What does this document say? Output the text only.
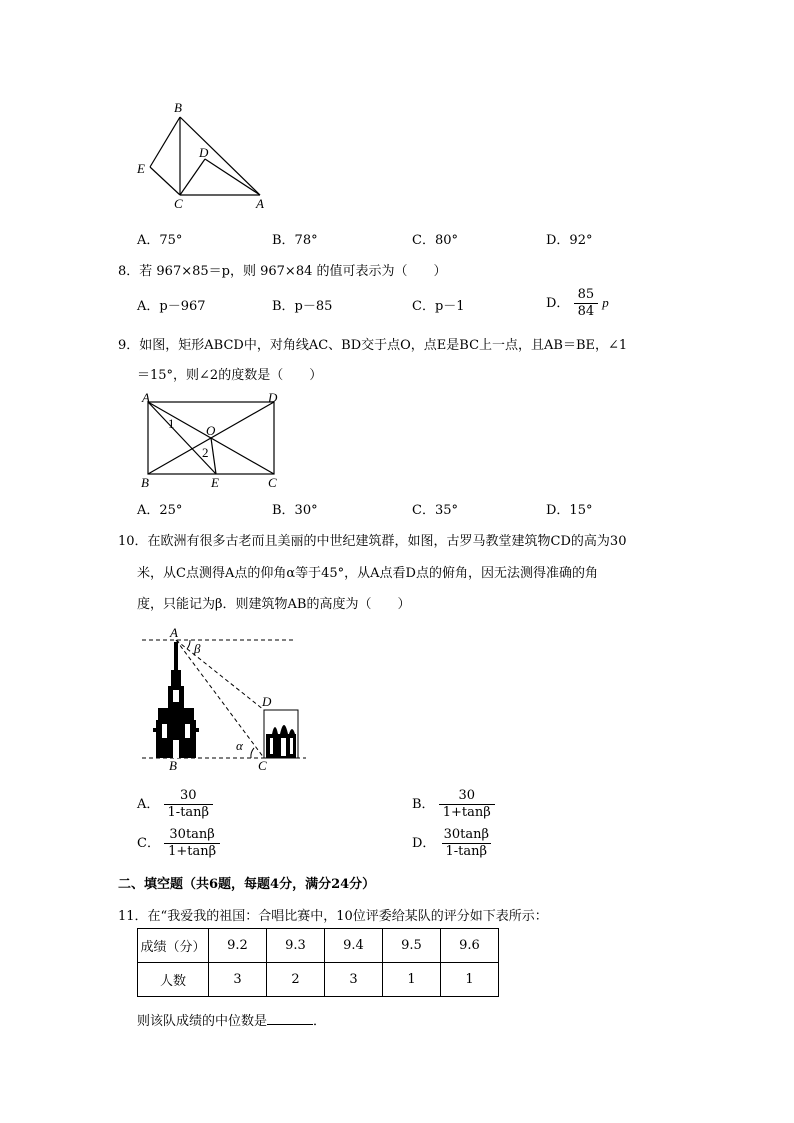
B
E
D
C	A
A．75°	B．78°	C．80°	D．92°
8．若 967×85＝p，则 967×84 的值可表示为（　　）
A．p－967	B．p－85	C．p－1	D． $\frac{85}{84}$ p
9．如图，矩形ABCD中，对角线AC、BD交于点O，点E是BC上一点，且AB＝BE，∠1
＝15°，则∠2的度数是（　　）
A	D
O
1
2
B	E	C
A．25°	B．30°	C．35°	D．15°
10．在欧洲有很多古老而且美丽的中世纪建筑群，如图，古罗马教堂建筑物CD的高为30
米，从C点测得A点的仰角α等于45°，从A点看D点的俯角，因无法测得准确的角
度，只能记为β．则建筑物AB的高度为（　　）
A
β
D
α
B	C
A． $\frac{30}{1-\tan\beta}$	B． $\frac{30}{1+\tan\beta}$
C． $\frac{30\tan\beta}{1+\tan\beta}$	D． $\frac{30\tan\beta}{1-\tan\beta}$
二、填空题（共6题，每题4分，满分24分）
11．在“我爱我的祖国：合唱比赛中，10位评委给某队的评分如下表所示：
成绩（分）	9.2	9.3	9.4	9.5	9.6
人数	3	2	3	1	1
则该队成绩的中位数是	．
